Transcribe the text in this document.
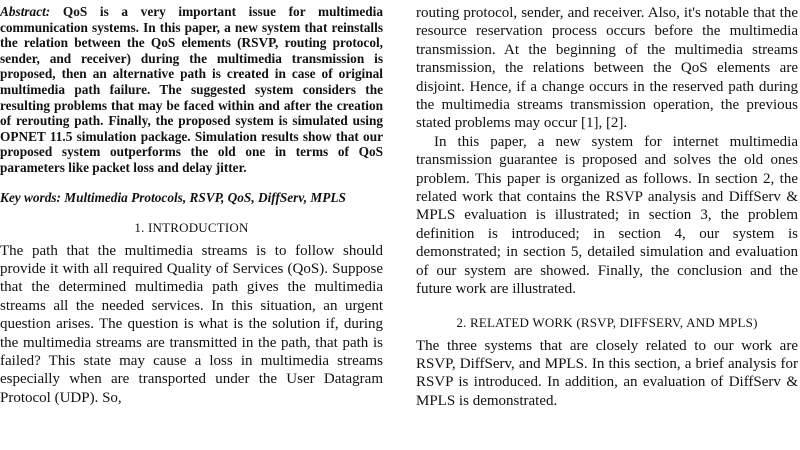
Abstract: QoS is a very important issue for multimedia communication systems. In this paper, a new system that reinstalls the relation between the QoS elements (RSVP, routing protocol, sender, and receiver) during the multimedia transmission is proposed, then an alternative path is created in case of original multimedia path failure. The suggested system considers the resulting problems that may be faced within and after the creation of rerouting path. Finally, the proposed system is simulated using OPNET 11.5 simulation package. Simulation results show that our proposed system outperforms the old one in terms of QoS parameters like packet loss and delay jitter.

Key words: Multimedia Protocols, RSVP, QoS, DiffServ, MPLS

1. INTRODUCTION

The path that the multimedia streams is to follow should provide it with all required Quality of Services (QoS). Suppose that the determined multimedia path gives the multimedia streams all the needed services. In this situation, an urgent question arises. The question is what is the solution if, during the multimedia streams are transmitted in the path, that path is failed? This state may cause a loss in multimedia streams especially when are transported under the User Datagram Protocol (UDP). So,

routing protocol, sender, and receiver. Also, it's notable that the resource reservation process occurs before the multimedia transmission. At the beginning of the multimedia streams transmission, the relations between the QoS elements are disjoint. Hence, if a change occurs in the reserved path during the multimedia streams transmission operation, the previous stated problems may occur [1], [2].

In this paper, a new system for internet multimedia transmission guarantee is proposed and solves the old ones problem. This paper is organized as follows. In section 2, the related work that contains the RSVP analysis and DiffServ & MPLS evaluation is illustrated; in section 3, the problem definition is introduced; in section 4, our system is demonstrated; in section 5, detailed simulation and evaluation of our system are showed. Finally, the conclusion and the future work are illustrated.

2. RELATED WORK (RSVP, DIFFSERV, AND MPLS)

The three systems that are closely related to our work are RSVP, DiffServ, and MPLS. In this section, a brief analysis for RSVP is introduced. In addition, an evaluation of DiffServ & MPLS is demonstrated.
